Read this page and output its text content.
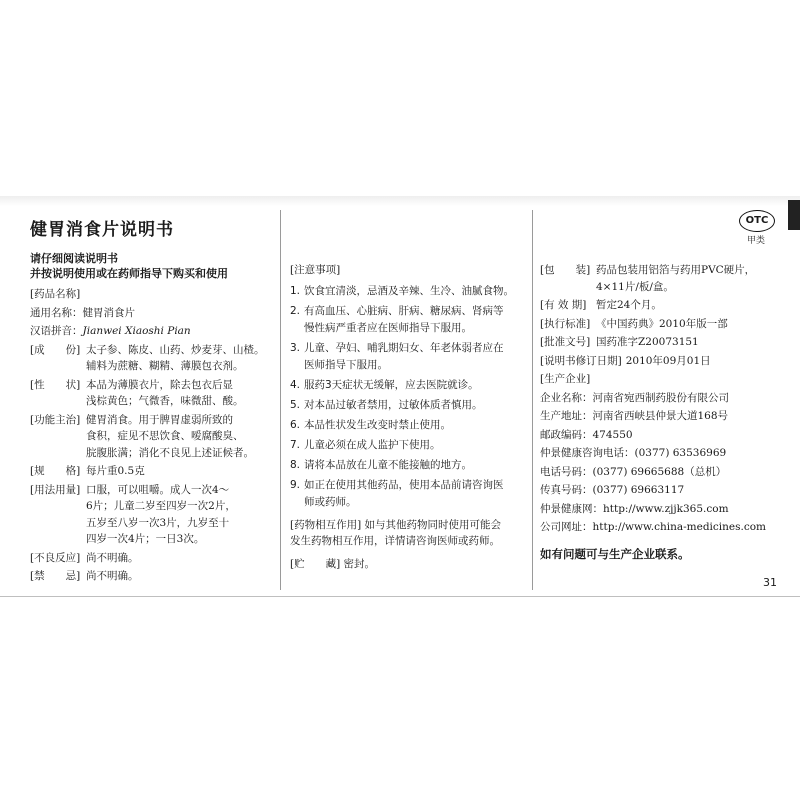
健胃消食片说明书	OTC
甲类
请仔细阅读说明书
并按说明使用或在药师指导下购买和使用
[药品名称]
通用名称：健胃消食片
汉语拼音：Jianwei Xiaoshi Pian
[成　　份] 太子参、陈皮、山药、炒麦芽、山楂。
辅料为蔗糖、糊精、薄膜包衣剂。
[性　　状] 本品为薄膜衣片，除去包衣后显
浅棕黄色；气微香，味微甜、酸。
[功能主治] 健胃消食。用于脾胃虚弱所致的
食积，症见不思饮食、嗳腐酸臭、
脘腹胀满；消化不良见上述证候者。
[规　　格] 每片重0.5克
[用法用量] 口服，可以咀嚼。成人一次4～
6片；儿童二岁至四岁一次2片，
五岁至八岁一次3片，九岁至十
四岁一次4片；一日3次。
[不良反应] 尚不明确。
[禁　　忌] 尚不明确。
[注意事项]
1. 饮食宜清淡，忌酒及辛辣、生冷、油腻食物。
2. 有高血压、心脏病、肝病、糖尿病、肾病等
慢性病严重者应在医师指导下服用。
3. 儿童、孕妇、哺乳期妇女、年老体弱者应在
医师指导下服用。
4. 服药3天症状无缓解，应去医院就诊。
5. 对本品过敏者禁用，过敏体质者慎用。
6. 本品性状发生改变时禁止使用。
7. 儿童必须在成人监护下使用。
8. 请将本品放在儿童不能接触的地方。
9. 如正在使用其他药品，使用本品前请咨询医
师或药师。
[药物相互作用] 如与其他药物同时使用可能会
发生药物相互作用，详情请咨询医师或药师。
[贮　　藏] 密封。
[包　　装] 药品包装用铝箔与药用PVC硬片，
4×11片/板/盒。
[有 效 期] 暂定24个月。
[执行标准] 《中国药典》2010年版一部
[批准文号] 国药准字Z20073151
[说明书修订日期] 2010年09月01日
[生产企业]
企业名称：河南省宛西制药股份有限公司
生产地址：河南省西峡县仲景大道168号
邮政编码：474550
仲景健康咨询电话：(0377) 63536969
电话号码：(0377) 69665688（总机）
传真号码：(0377) 69663117
仲景健康网：http://www.zjjk365.com
公司网址：http://www.china-medicines.com
如有问题可与生产企业联系。
31
